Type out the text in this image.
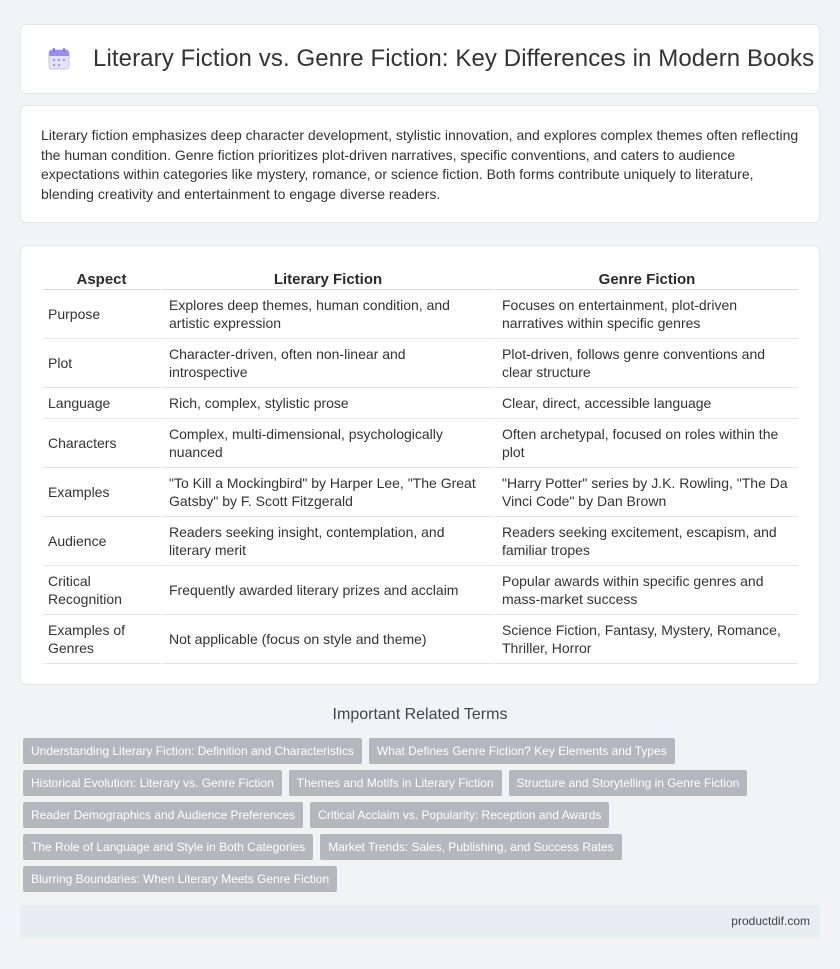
Literary Fiction vs. Genre Fiction: Key Differences in Modern Books

Literary fiction emphasizes deep character development, stylistic innovation, and explores complex themes often reflecting the human condition. Genre fiction prioritizes plot-driven narratives, specific conventions, and caters to audience expectations within categories like mystery, romance, or science fiction. Both forms contribute uniquely to literature, blending creativity and entertainment to engage diverse readers.

Aspect	Literary Fiction	Genre Fiction
Purpose	Explores deep themes, human condition, and artistic expression	Focuses on entertainment, plot-driven narratives within specific genres
Plot	Character-driven, often non-linear and introspective	Plot-driven, follows genre conventions and clear structure
Language	Rich, complex, stylistic prose	Clear, direct, accessible language
Characters	Complex, multi-dimensional, psychologically nuanced	Often archetypal, focused on roles within the plot
Examples	"To Kill a Mockingbird" by Harper Lee, "The Great Gatsby" by F. Scott Fitzgerald	"Harry Potter" series by J.K. Rowling, "The Da Vinci Code" by Dan Brown
Audience	Readers seeking insight, contemplation, and literary merit	Readers seeking excitement, escapism, and familiar tropes
Critical Recognition	Frequently awarded literary prizes and acclaim	Popular awards within specific genres and mass-market success
Examples of Genres	Not applicable (focus on style and theme)	Science Fiction, Fantasy, Mystery, Romance, Thriller, Horror
Important Related Terms
Understanding Literary Fiction: Definition and Characteristics	What Defines Genre Fiction? Key Elements and Types
Historical Evolution: Literary vs. Genre Fiction	Themes and Motifs in Literary Fiction	Structure and Storytelling in Genre Fiction
Reader Demographics and Audience Preferences	Critical Acclaim vs. Popularity: Reception and Awards
The Role of Language and Style in Both Categories	Market Trends: Sales, Publishing, and Success Rates
Blurring Boundaries: When Literary Meets Genre Fiction
productdif.com
